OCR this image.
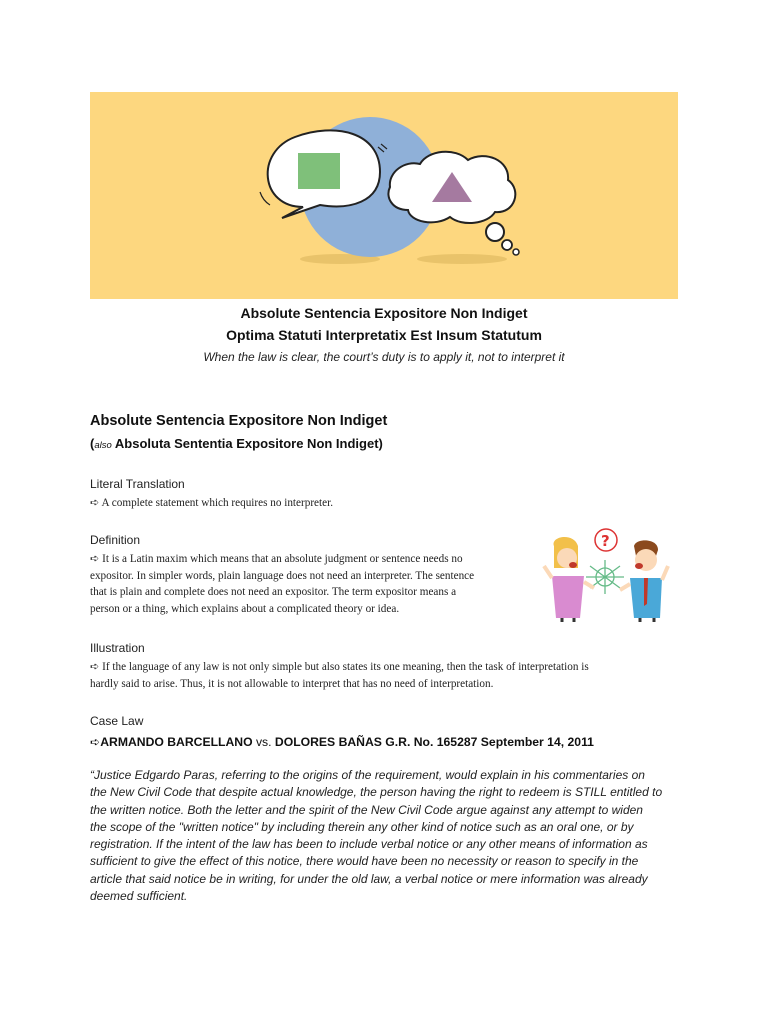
Absolute Sentencia Expositore Non Indiget
Optima Statuti Interpretatix Est Insum Statutum
When the law is clear, the court’s duty is to apply it, not to interpret it
Absolute Sentencia Expositore Non Indiget
(also Absoluta Sententia Expositore Non Indiget)
Literal Translation
➪ A complete statement which requires no interpreter.
Definition
➪ It is a Latin maxim which means that an absolute judgment or sentence needs no
expositor. In simpler words, plain language does not need an interpreter. The sentence
that is plain and complete does not need an expositor. The term expositor means a
person or a thing, which explains about a complicated theory or idea.
?
Illustration
➪ If the language of any law is not only simple but also states its one meaning, then the task of interpretation is
hardly said to arise. Thus, it is not allowable to interpret that has no need of interpretation.
Case Law
➪ARMANDO BARCELLANO vs. DOLORES BAÑAS G.R. No. 165287 September 14, 2011
“Justice Edgardo Paras, referring to the origins of the requirement, would explain in his commentaries on
the New Civil Code that despite actual knowledge, the person having the right to redeem is STILL entitled to
the written notice. Both the letter and the spirit of the New Civil Code argue against any attempt to widen
the scope of the "written notice" by including therein any other kind of notice such as an oral one, or by
registration. If the intent of the law has been to include verbal notice or any other means of information as
sufficient to give the effect of this notice, there would have been no necessity or reason to specify in the
article that said notice be in writing, for under the old law, a verbal notice or mere information was already
deemed sufficient.
